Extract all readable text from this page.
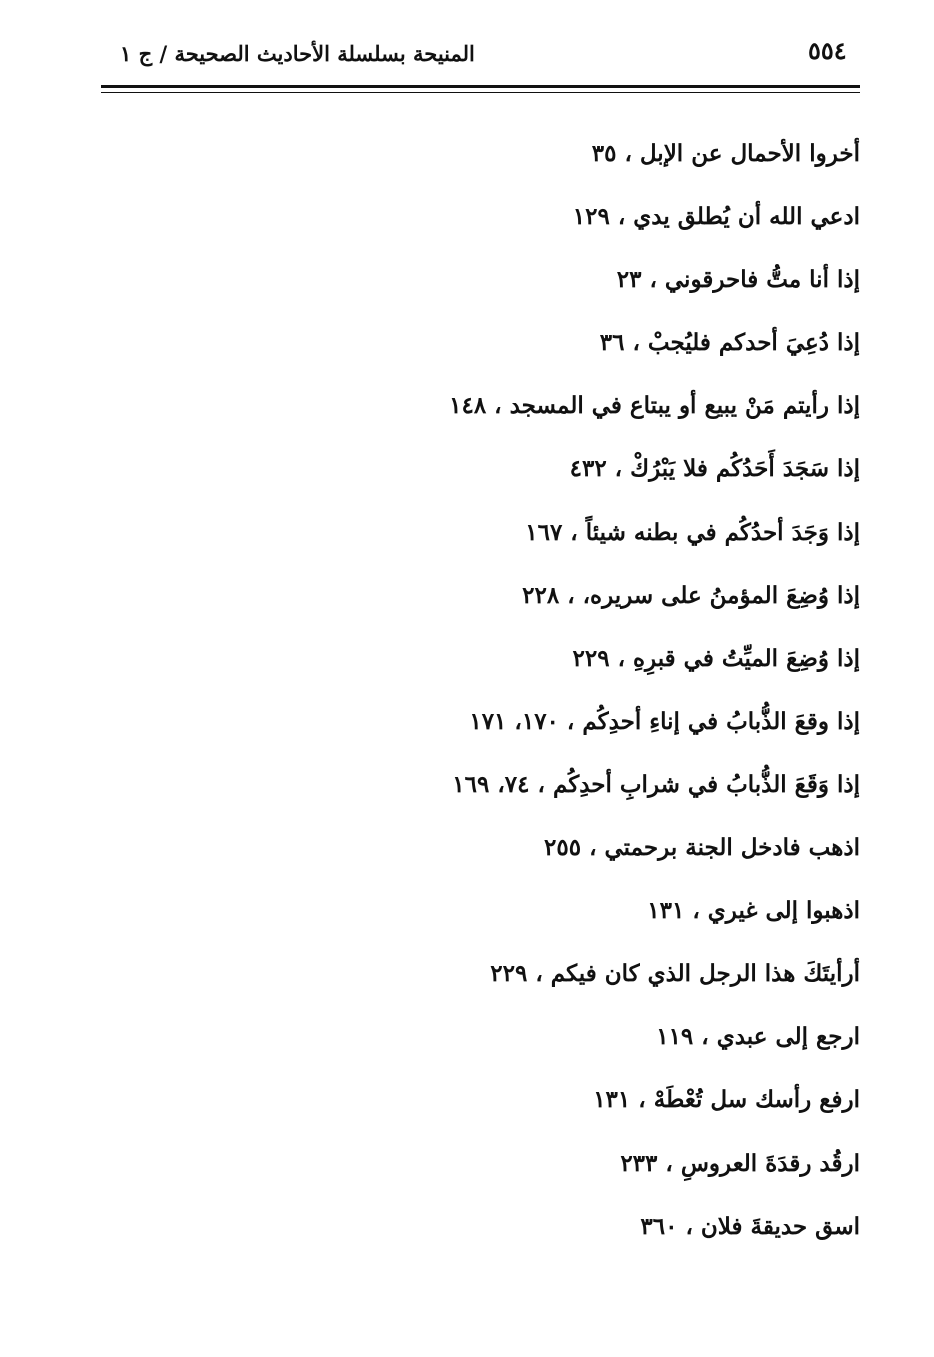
٥٥٤
المنيحة بسلسلة الأحاديث الصحيحة / ج ١
أخروا الأحمال عن الإبل،٣٥
ادعي الله أن يُطلق يدي،١٢٩
إذا أنا متُّ فاحرقوني،٢٣
إذا دُعِيَ أحدكم فليُجبْ،٣٦
إذا رأيتم مَنْ يبيع أو يبتاع في المسجد،١٤٨
إذا سَجَدَ أَحَدُكُم فلا يَبْرُكْ،٤٣٢
إذا وَجَدَ أحدُكُم في بطنه شيئاً،١٦٧
إذا وُضِعَ المؤمنُ على سريره،،٢٢٨
إذا وُضِعَ الميِّتُ في قبرِهِ،٢٢٩
إذا وقعَ الذُّبابُ في إناءِ أحدِكُم،١٧٠، ١٧١
إذا وَقَعَ الذُّبابُ في شرابِ أحدِكُم،٧٤، ١٦٩
اذهب فادخل الجنة برحمتي،٢٥٥
اذهبوا إلى غيري،١٣١
أرأيتَكَ هذا الرجل الذي كان فيكم،٢٢٩
ارجع إلى عبدي،١١٩
ارفع رأسك سل تُعْطَهْ،١٣١
ارقُد رقدَةَ العروسِ،٢٣٣
اسق حديقةَ فلان،٣٦٠
